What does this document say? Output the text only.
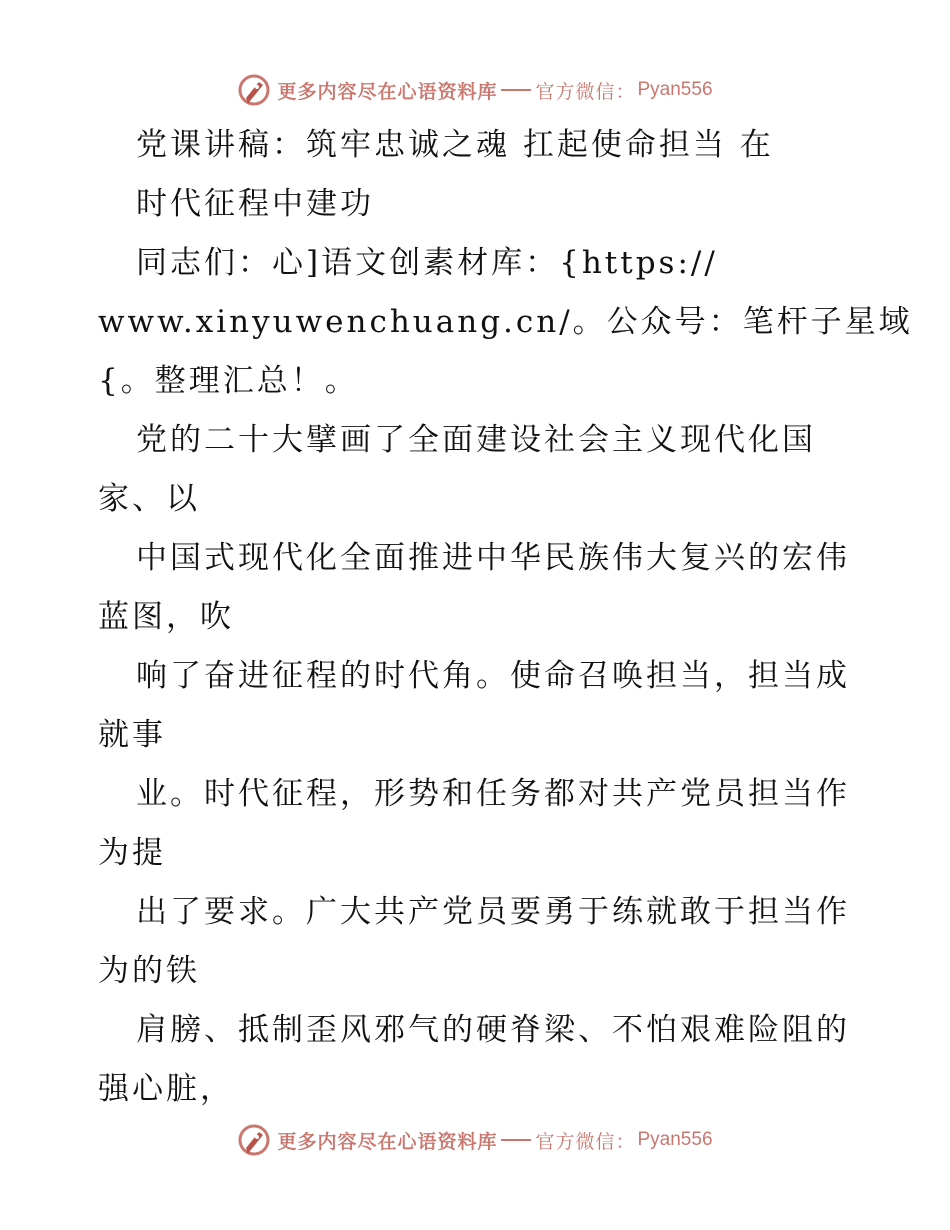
更多内容尽在心语资料库 官方微信： Pyan556
党课讲稿：筑牢忠诚之魂 扛起使命担当 在
时代征程中建功
同志们：心]语文创素材库：{https://
www.xinyuwenchuang.cn/。公众号：笔杆子星域
{。整理汇总！。
党的二十大擘画了全面建设社会主义现代化国
家、以
中国式现代化全面推进中华民族伟大复兴的宏伟
蓝图，吹
响了奋进征程的时代角。使命召唤担当，担当成
就事
业。时代征程，形势和任务都对共产党员担当作
为提
出了要求。广大共产党员要勇于练就敢于担当作
为的铁
肩膀、抵制歪风邪气的硬脊梁、不怕艰难险阻的
强心脏，
更多内容尽在心语资料库 官方微信： Pyan556
